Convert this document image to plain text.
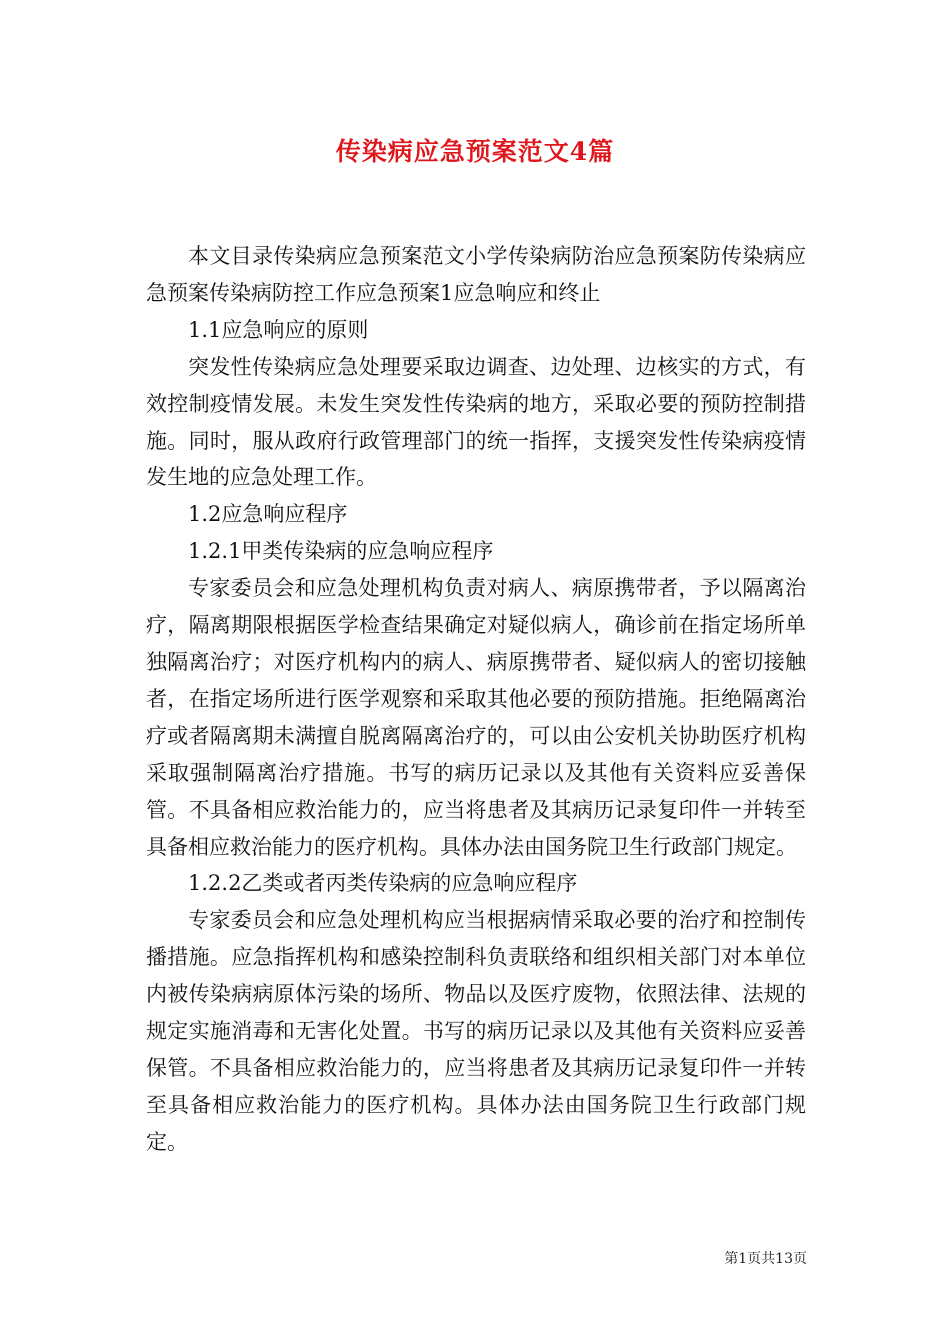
传染病应急预案范文4篇

本文目录传染病应急预案范文小学传染病防治应急预案防传染病应急预案传染病防控工作应急预案1应急响应和终止

1.1应急响应的原则

突发性传染病应急处理要采取边调查、边处理、边核实的方式，有效控制疫情发展。未发生突发性传染病的地方，采取必要的预防控制措施。同时，服从政府行政管理部门的统一指挥，支援突发性传染病疫情发生地的应急处理工作。

1.2应急响应程序

1.2.1甲类传染病的应急响应程序

专家委员会和应急处理机构负责对病人、病原携带者，予以隔离治疗，隔离期限根据医学检查结果确定对疑似病人，确诊前在指定场所单独隔离治疗；对医疗机构内的病人、病原携带者、疑似病人的密切接触者，在指定场所进行医学观察和采取其他必要的预防措施。拒绝隔离治疗或者隔离期未满擅自脱离隔离治疗的，可以由公安机关协助医疗机构采取强制隔离治疗措施。书写的病历记录以及其他有关资料应妥善保管。不具备相应救治能力的，应当将患者及其病历记录复印件一并转至具备相应救治能力的医疗机构。具体办法由国务院卫生行政部门规定。

1.2.2乙类或者丙类传染病的应急响应程序

专家委员会和应急处理机构应当根据病情采取必要的治疗和控制传播措施。应急指挥机构和感染控制科负责联络和组织相关部门对本单位内被传染病病原体污染的场所、物品以及医疗废物，依照法律、法规的规定实施消毒和无害化处置。书写的病历记录以及其他有关资料应妥善保管。不具备相应救治能力的，应当将患者及其病历记录复印件一并转至具备相应救治能力的医疗机构。具体办法由国务院卫生行政部门规定。

第1页共13页
